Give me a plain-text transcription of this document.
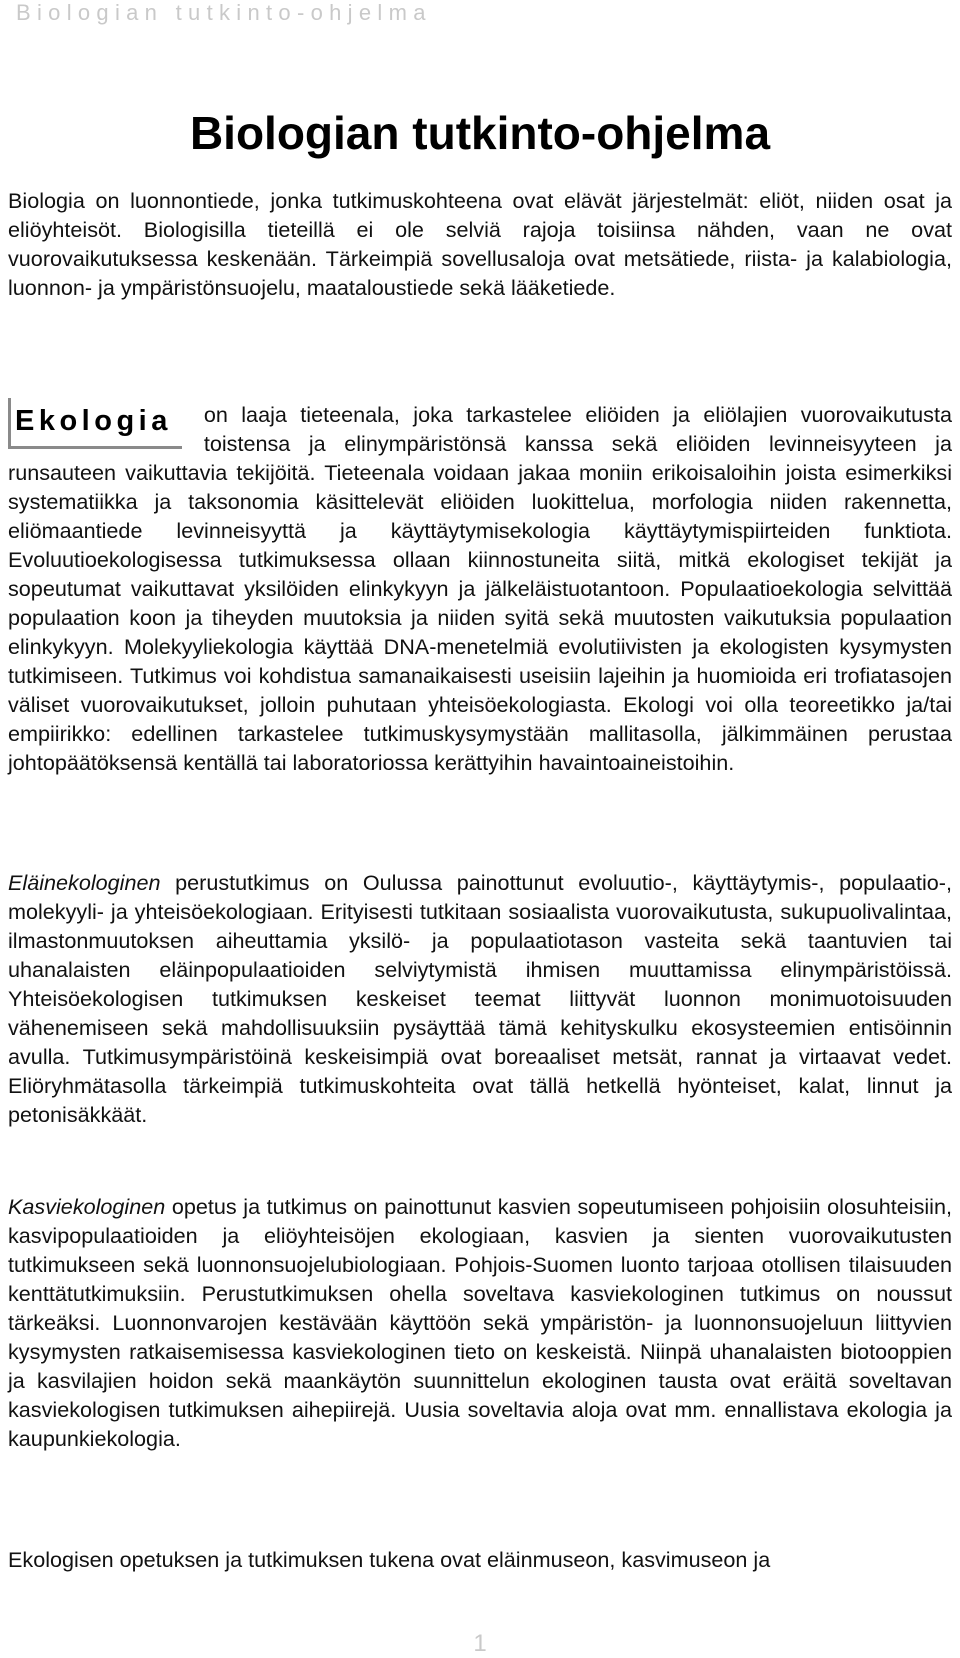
Biologian tutkinto-ohjelma
Biologian tutkinto-ohjelma

Biologia on luonnontiede, jonka tutkimuskohteena ovat elävät järjestelmät: eliöt, niiden osat ja eliöyhteisöt. Biologisilla tieteillä ei ole selviä rajoja toisiinsa nähden, vaan ne ovat vuorovaikutuksessa keskenään. Tärkeimpiä sovellusaloja ovat metsätiede, riista- ja kalabiologia, luonnon- ja ympäristönsuojelu, maataloustiede sekä lääketiede.

Ekologia	on laaja tieteenala, joka tarkastelee eliöiden ja eliölajien vuorovaikutusta toistensa ja elinympäristönsä kanssa sekä eliöiden levinneisyyteen ja runsauteen vaikuttavia tekijöitä. Tieteenala voidaan jakaa moniin erikoisaloihin joista esimerkiksi systematiikka ja taksonomia käsittelevät eliöiden luokittelua, morfologia niiden rakennetta, eliömaantiede levinneisyyttä ja käyttäytymisekologia käyttäytymispiirteiden funktiota. Evoluutioekologisessa tutkimuksessa ollaan kiinnostuneita siitä, mitkä ekologiset tekijät ja sopeutumat vaikuttavat yksilöiden elinkykyyn ja jälkeläistuotantoon. Populaatioekologia selvittää populaation koon ja tiheyden muutoksia ja niiden syitä sekä muutosten vaikutuksia populaation elinkykyyn. Molekyyliekologia käyttää DNA-menetelmiä evolutiivisten ja ekologisten kysymysten tutkimiseen. Tutkimus voi kohdistua samanaikaisesti useisiin lajeihin ja huomioida eri trofiatasojen väliset vuorovaikutukset, jolloin puhutaan yhteisöekologiasta. Ekologi voi olla teoreetikko ja/tai empiirikko: edellinen tarkastelee tutkimuskysymystään mallitasolla, jälkimmäinen perustaa johtopäätöksensä kentällä tai laboratoriossa kerättyihin havaintoaineistoihin.

Eläinekologinen perustutkimus on Oulussa painottunut evoluutio-, käyttäytymis-, populaatio-, molekyyli- ja yhteisöekologiaan. Erityisesti tutkitaan sosiaalista vuorovaikutusta, sukupuolivalintaa, ilmastonmuutoksen aiheuttamia yksilö- ja populaatiotason vasteita sekä taantuvien tai uhanalaisten eläinpopulaatioiden selviytymistä ihmisen muuttamissa elinympäristöissä. Yhteisöekologisen tutkimuksen keskeiset teemat liittyvät luonnon monimuotoisuuden vähenemiseen sekä mahdollisuuksiin pysäyttää tämä kehityskulku ekosysteemien entisöinnin avulla. Tutkimusympäristöinä keskeisimpiä ovat boreaaliset metsät, rannat ja virtaavat vedet. Eliöryhmätasolla tärkeimpiä tutkimuskohteita ovat tällä hetkellä hyönteiset, kalat, linnut ja petonisäkkäät.

Kasviekologinen opetus ja tutkimus on painottunut kasvien sopeutumiseen pohjoisiin olosuhteisiin, kasvipopulaatioiden ja eliöyhteisöjen ekologiaan, kasvien ja sienten vuorovaikutusten tutkimukseen sekä luonnonsuojelubiologiaan. Pohjois-Suomen luonto tarjoaa otollisen tilaisuuden kenttätutkimuksiin. Perustutkimuksen ohella soveltava kasviekologinen tutkimus on noussut tärkeäksi. Luonnonvarojen kestävään käyttöön sekä ympäristön- ja luonnonsuojeluun liittyvien kysymysten ratkaisemisessa kasviekologinen tieto on keskeistä. Niinpä uhanalaisten biotooppien ja kasvilajien hoidon sekä maankäytön suunnittelun ekologinen tausta ovat eräitä soveltavan kasviekologisen tutkimuksen aihepiirejä. Uusia soveltavia aloja ovat mm. ennallistava ekologia ja kaupunkiekologia.

Ekologisen opetuksen ja tutkimuksen tukena ovat eläinmuseon, kasvimuseon ja

1
